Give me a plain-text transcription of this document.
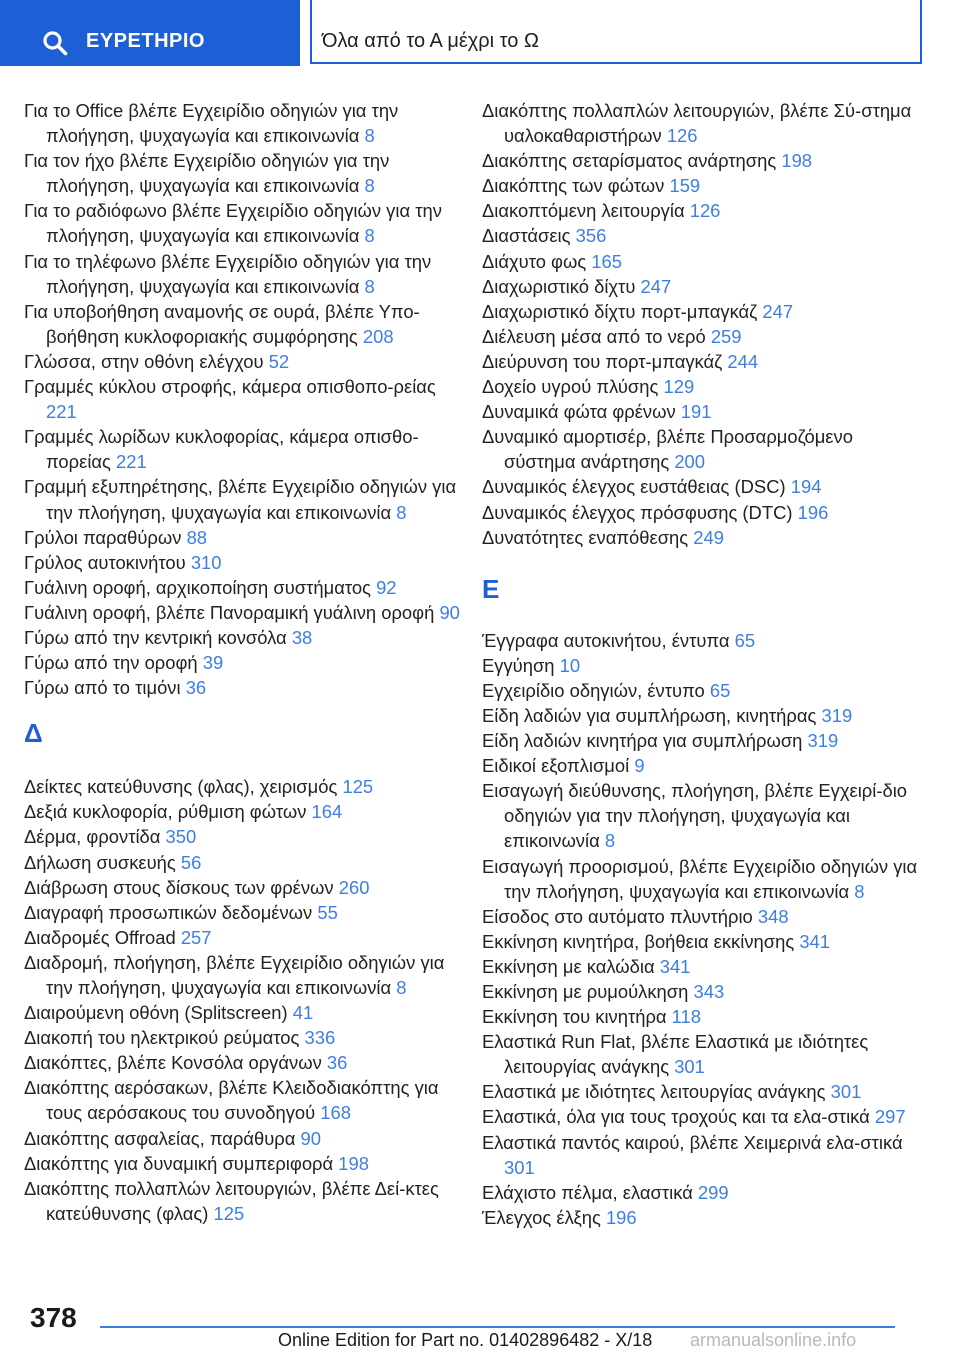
ΕΥΡΕΤΗΡΙΟ	Όλα από το Α μέχρι το Ω

Για το Office βλέπε Εγχειρίδιο οδηγιών για την πλοήγηση, ψυχαγωγία και επικοινωνία 8

Για τον ήχο βλέπε Εγχειρίδιο οδηγιών για την πλοήγηση, ψυχαγωγία και επικοινωνία 8

Για το ραδιόφωνο βλέπε Εγχειρίδιο οδηγιών για την πλοήγηση, ψυχαγωγία και επικοινωνία 8

Για το τηλέφωνο βλέπε Εγχειρίδιο οδηγιών για την πλοήγηση, ψυχαγωγία και επικοινωνία 8

Για υποβοήθηση αναμονής σε ουρά, βλέπε Υπο-βοήθηση κυκλοφοριακής συμφόρησης 208

Γλώσσα, στην οθόνη ελέγχου 52

Γραμμές κύκλου στροφής, κάμερα οπισθοπο-ρείας 221

Γραμμές λωρίδων κυκλοφορίας, κάμερα οπισθο-πορείας 221

Γραμμή εξυπηρέτησης, βλέπε Εγχειρίδιο οδηγιών για την πλοήγηση, ψυχαγωγία και επικοινωνία 8

Γρύλοι παραθύρων 88

Γρύλος αυτοκινήτου 310

Γυάλινη οροφή, αρχικοποίηση συστήματος 92

Γυάλινη οροφή, βλέπε Πανοραμική γυάλινη οροφή 90

Γύρω από την κεντρική κονσόλα 38

Γύρω από την οροφή 39

Γύρω από το τιμόνι 36

Δ

Δείκτες κατεύθυνσης (φλας), χειρισμός 125

Δεξιά κυκλοφορία, ρύθμιση φώτων 164

Δέρμα, φροντίδα 350

Δήλωση συσκευής 56

Διάβρωση στους δίσκους των φρένων 260

Διαγραφή προσωπικών δεδομένων 55

Διαδρομές Offroad 257

Διαδρομή, πλοήγηση, βλέπε Εγχειρίδιο οδηγιών για την πλοήγηση, ψυχαγωγία και επικοινωνία 8

Διαιρούμενη οθόνη (Splitscreen) 41

Διακοπή του ηλεκτρικού ρεύματος 336

Διακόπτες, βλέπε Κονσόλα οργάνων 36

Διακόπτης αερόσακων, βλέπε Κλειδοδιακόπτης για τους αερόσακους του συνοδηγού 168

Διακόπτης ασφαλείας, παράθυρα 90

Διακόπτης για δυναμική συμπεριφορά 198

Διακόπτης πολλαπλών λειτουργιών, βλέπε Δεί-κτες κατεύθυνσης (φλας) 125

Διακόπτης πολλαπλών λειτουργιών, βλέπε Σύ-στημα υαλοκαθαριστήρων 126

Διακόπτης σεταρίσματος ανάρτησης 198

Διακόπτης των φώτων 159

Διακοπτόμενη λειτουργία 126

Διαστάσεις 356

Διάχυτο φως 165

Διαχωριστικό δίχτυ 247

Διαχωριστικό δίχτυ πορτ-μπαγκάζ 247

Διέλευση μέσα από το νερό 259

Διεύρυνση του πορτ-μπαγκάζ 244

Δοχείο υγρού πλύσης 129

Δυναμικά φώτα φρένων 191

Δυναμικό αμορτισέρ, βλέπε Προσαρμοζόμενο σύστημα ανάρτησης 200

Δυναμικός έλεγχος ευστάθειας (DSC) 194

Δυναμικός έλεγχος πρόσφυσης (DTC) 196

Δυνατότητες εναπόθεσης 249

Ε

Έγγραφα αυτοκινήτου, έντυπα 65

Εγγύηση 10

Εγχειρίδιο οδηγιών, έντυπο 65

Είδη λαδιών για συμπλήρωση, κινητήρας 319

Είδη λαδιών κινητήρα για συμπλήρωση 319

Ειδικοί εξοπλισμοί 9

Εισαγωγή διεύθυνσης, πλοήγηση, βλέπε Εγχειρί-διο οδηγιών για την πλοήγηση, ψυχαγωγία και επικοινωνία 8

Εισαγωγή προορισμού, βλέπε Εγχειρίδιο οδηγιών για την πλοήγηση, ψυχαγωγία και επικοινωνία 8

Είσοδος στο αυτόματο πλυντήριο 348

Εκκίνηση κινητήρα, βοήθεια εκκίνησης 341

Εκκίνηση με καλώδια 341

Εκκίνηση με ρυμούλκηση 343

Εκκίνηση του κινητήρα 118

Ελαστικά Run Flat, βλέπε Ελαστικά με ιδιότητες λειτουργίας ανάγκης 301

Ελαστικά με ιδιότητες λειτουργίας ανάγκης 301

Ελαστικά, όλα για τους τροχούς και τα ελα-στικά 297

Ελαστικά παντός καιρού, βλέπε Χειμερινά ελα-στικά 301

Ελάχιστο πέλμα, ελαστικά 299

Έλεγχος έλξης 196

378
Online Edition for Part no. 01402896482 - X/18 armanualsonline.info
